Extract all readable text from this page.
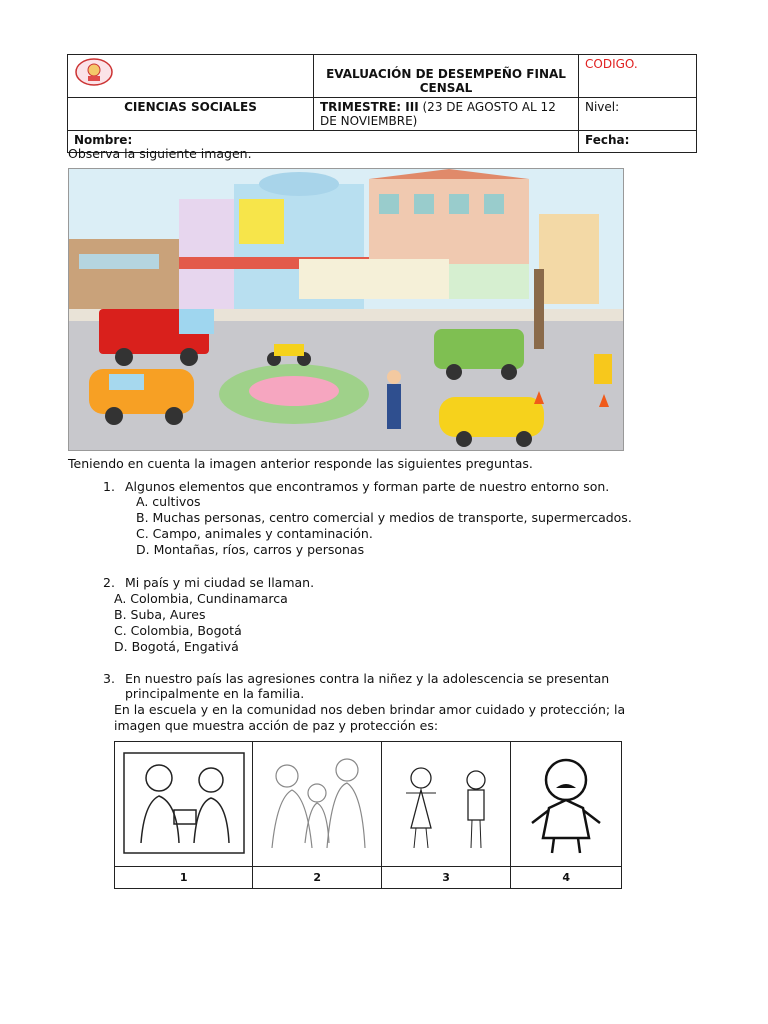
	EVALUACIÓN DE DESEMPEÑO FINAL CENSAL	CODIGO.
CIENCIAS SOCIALES	TRIMESTRE: III (23 DE AGOSTO AL 12 DE NOVIEMBRE)	Nivel:
Nombre:		Fecha:
Observa la siguiente imagen.
Teniendo en cuenta la imagen anterior responde las siguientes preguntas.
1. Algunos elementos que encontramos y forman parte de nuestro entorno son.
A. cultivos
B. Muchas personas, centro comercial y medios de transporte, supermercados.
C. Campo, animales y contaminación.
D. Montañas, ríos, carros y personas
2. Mi país y mi ciudad se llaman.
A. Colombia, Cundinamarca
B. Suba, Aures
C. Colombia, Bogotá
D. Bogotá, Engativá
3. En nuestro país las agresiones contra la niñez y la adolescencia se presentan
principalmente en la familia.
En la escuela y en la comunidad nos deben brindar amor cuidado y protección; la
imagen que muestra acción de paz y protección es:

1	2	3	4
